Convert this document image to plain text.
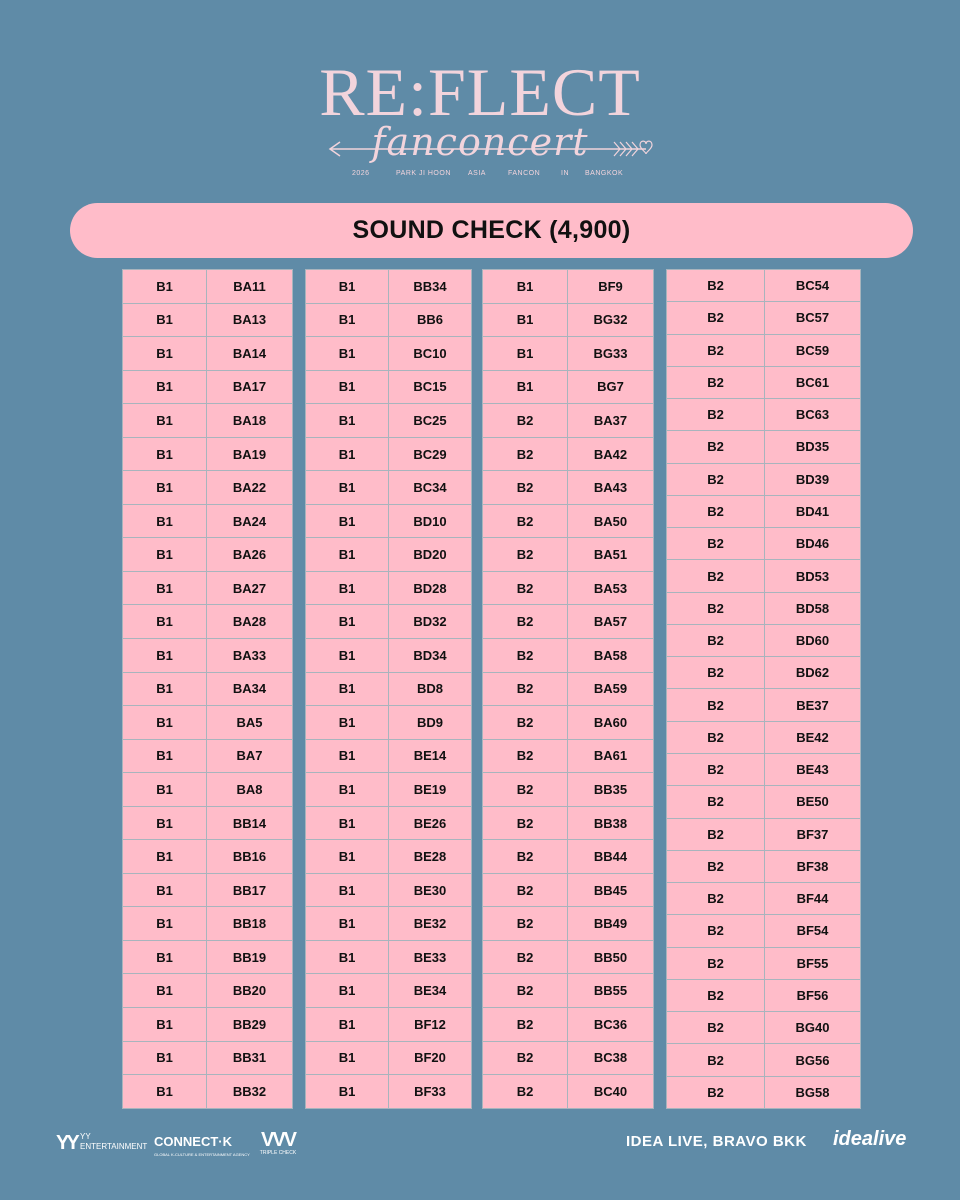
RE:FLECT
fanconcert
2026	PARK JI HOON ASIA	FANCON	IN BANGKOK
SOUND CHECK (4,900)
B1	BA11
B1	BA13
B1	BA14
B1	BA17
B1	BA18
B1	BA19
B1	BA22
B1	BA24
B1	BA26
B1	BA27
B1	BA28
B1	BA33
B1	BA34
B1	BA5
B1	BA7
B1	BA8
B1	BB14
B1	BB16
B1	BB17
B1	BB18
B1	BB19
B1	BB20
B1	BB29
B1	BB31
B1	BB32
B1	BB34
B1	BB6
B1	BC10
B1	BC15
B1	BC25
B1	BC29
B1	BC34
B1	BD10
B1	BD20
B1	BD28
B1	BD32
B1	BD34
B1	BD8
B1	BD9
B1	BE14
B1	BE19
B1	BE26
B1	BE28
B1	BE30
B1	BE32
B1	BE33
B1	BE34
B1	BF12
B1	BF20
B1	BF33
B1	BF9
B1	BG32
B1	BG33
B1	BG7
B2	BA37
B2	BA42
B2	BA43
B2	BA50
B2	BA51
B2	BA53
B2	BA57
B2	BA58
B2	BA59
B2	BA60
B2	BA61
B2	BB35
B2	BB38
B2	BB44
B2	BB45
B2	BB49
B2	BB50
B2	BB55
B2	BC36
B2	BC38
B2	BC40
B2	BC54
B2	BC57
B2	BC59
B2	BC61
B2	BC63
B2	BD35
B2	BD39
B2	BD41
B2	BD46
B2	BD53
B2	BD58
B2	BD60
B2	BD62
B2	BE37
B2	BE42
B2	BE43
B2	BE50
B2	BF37
B2	BF38
B2	BF44
B2	BF54
B2	BF55
B2	BF56
B2	BG40
B2	BG56
B2	BG58
YY YY ENTERTAINMENT CONNECT·K
GLOBAL K-CULTURE & ENTERTAINMENT AGENCY
VVV
TRIPLE CHECK
IDEA LIVE, BRAVO BKK idealive
